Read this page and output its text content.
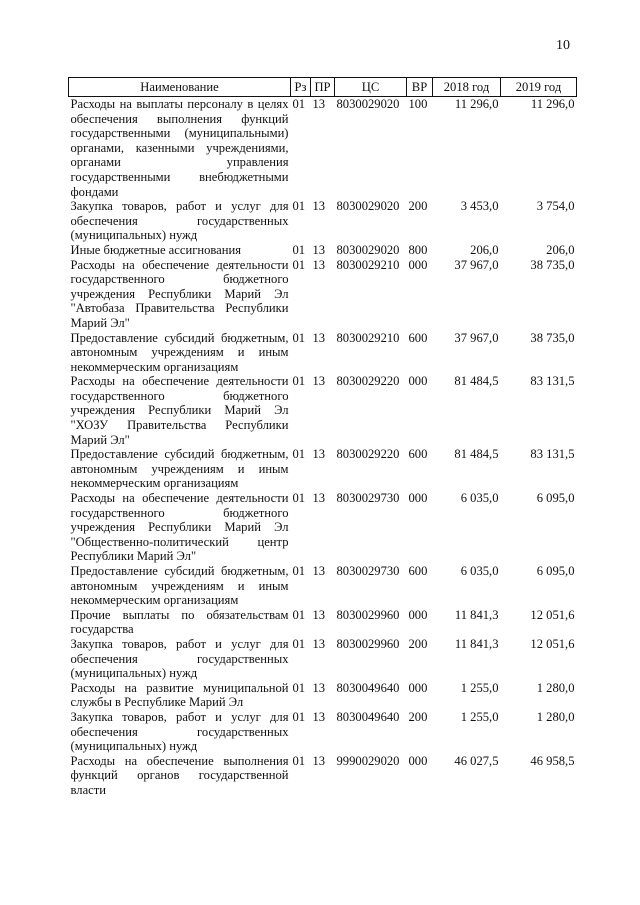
10
Наименование	Рз	ПР	ЦС	ВР	2018 год	2019 год
Расходы на выплаты персоналу в целях обеспечения выполнения функций государственными (муниципальными) органами, казенными учреждениями, органами управления государственными внебюджетными фондами	01	13	8030029020	100	11 296,0	11 296,0
Закупка товаров, работ и услуг для обеспечения государственных (муниципальных) нужд	01	13	8030029020	200	3 453,0	3 754,0
Иные бюджетные ассигнования	01	13	8030029020	800	206,0	206,0
Расходы на обеспечение деятельности государственного бюджетного учреждения Республики Марий Эл "Автобаза Правительства Республики Марий Эл"	01	13	8030029210	000	37 967,0	38 735,0
Предоставление субсидий бюджетным, автономным учреждениям и иным некоммерческим организациям	01	13	8030029210	600	37 967,0	38 735,0
Расходы на обеспечение деятельности государственного бюджетного учреждения Республики Марий Эл "ХОЗУ Правительства Республики Марий Эл"	01	13	8030029220	000	81 484,5	83 131,5
Предоставление субсидий бюджетным, автономным учреждениям и иным некоммерческим организациям	01	13	8030029220	600	81 484,5	83 131,5
Расходы на обеспечение деятельности государственного бюджетного учреждения Республики Марий Эл "Общественно-политический центр Республики Марий Эл"	01	13	8030029730	000	6 035,0	6 095,0
Предоставление субсидий бюджетным, автономным учреждениям и иным некоммерческим организациям	01	13	8030029730	600	6 035,0	6 095,0
Прочие выплаты по обязательствам государства	01	13	8030029960	000	11 841,3	12 051,6
Закупка товаров, работ и услуг для обеспечения государственных (муниципальных) нужд	01	13	8030029960	200	11 841,3	12 051,6
Расходы на развитие муниципальной службы в Республике Марий Эл	01	13	8030049640	000	1 255,0	1 280,0
Закупка товаров, работ и услуг для обеспечения государственных (муниципальных) нужд	01	13	8030049640	200	1 255,0	1 280,0
Расходы на обеспечение выполнения функций органов государственной власти	01	13	9990029020	000	46 027,5	46 958,5
